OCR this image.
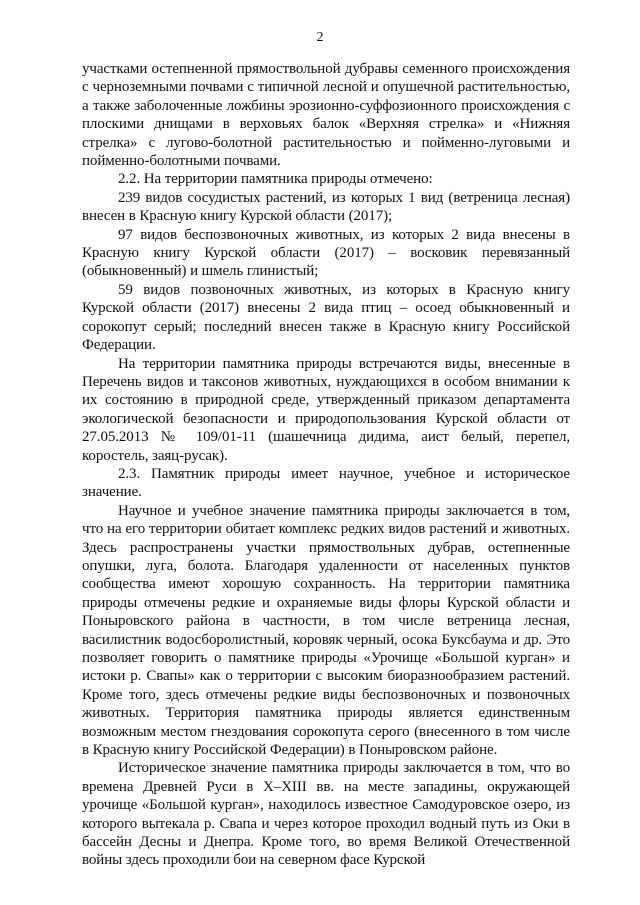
2

участками остепненной прямоствольной дубравы семенного происхождения с черноземными почвами с типичной лесной и опушечной растительностью, а также заболоченные ложбины эрозионно-суффозионного происхождения с плоскими днищами в верховьях балок «Верхняя стрелка» и «Нижняя стрелка» с лугово-болотной растительностью и пойменно-луговыми и пойменно-болотными почвами.

2.2. На территории памятника природы отмечено:

239 видов сосудистых растений, из которых 1 вид (ветреница лесная) внесен в Красную книгу Курской области (2017);

97 видов беспозвоночных животных, из которых 2 вида внесены в Красную книгу Курской области (2017) – восковик перевязанный (обыкновенный) и шмель глинистый;

59 видов позвоночных животных, из которых в Красную книгу Курской области (2017) внесены 2 вида птиц – осоед обыкновенный и сорокопут серый; последний внесен также в Красную книгу Российской Федерации.

На территории памятника природы встречаются виды, внесенные в Перечень видов и таксонов животных, нуждающихся в особом внимании к их состоянию в природной среде, утвержденный приказом департамента экологической безопасности и природопользования Курской области от 27.05.2013 № 109/01-11 (шашечница дидима, аист белый, перепел, коростель, заяц-русак).

2.3. Памятник природы имеет научное, учебное и историческое значение.

Научное и учебное значение памятника природы заключается в том, что на его территории обитает комплекс редких видов растений и животных. Здесь распространены участки прямоствольных дубрав, остепненные опушки, луга, болота. Благодаря удаленности от населенных пунктов сообщества имеют хорошую сохранность. На территории памятника природы отмечены редкие и охраняемые виды флоры Курской области и Поныровского района в частности, в том числе ветреница лесная, василистник водосборолистный, коровяк черный, осока Буксбаума и др. Это позволяет говорить о памятнике природы «Урочище «Большой курган» и истоки р. Свапы» как о территории с высоким биоразнообразием растений. Кроме того, здесь отмечены редкие виды беспозвоночных и позвоночных животных. Территория памятника природы является единственным возможным местом гнездования сорокопута серого (внесенного в том числе в Красную книгу Российской Федерации) в Поныровском районе.

Историческое значение памятника природы заключается в том, что во времена Древней Руси в X–XIII вв. на месте западины, окружающей урочище «Большой курган», находилось известное Самодуровское озеро, из которого вытекала р. Свапа и через которое проходил водный путь из Оки в бассейн Десны и Днепра. Кроме того, во время Великой Отечественной войны здесь проходили бои на северном фасе Курской
